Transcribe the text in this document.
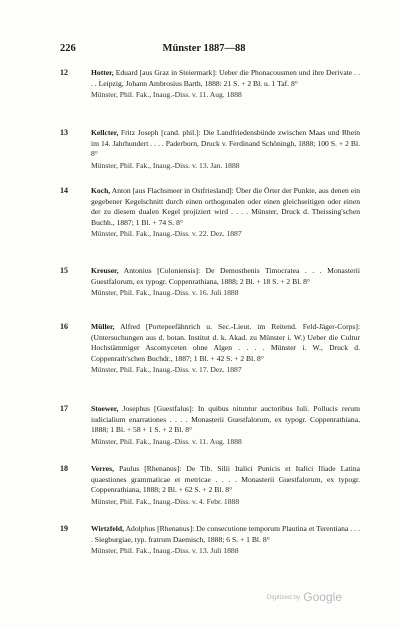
226	Münster 1887—88
12	Hotter, Eduard [aus Graz in Steiermark]: Ueber die Phonacousmen und ihre Derivate . . . . Leipzig, Johann Ambrosius Barth, 1888: 21 S. + 2 Bl. u. 1 Taf. 8°
Münster, Phil. Fak., Inaug.-Diss. v. 11. Aug. 1888
13	Kellcter, Fritz Joseph [cand. phil.]: Die Landfriedensbünde zwischen Maas und Rhein im 14. Jahrhundert . . . . Paderborn, Druck v. Ferdinand Schöningh, 1888; 100 S. + 2 Bl. 8°
Münster, Phil. Fak., Inaug.-Diss. v. 13. Jan. 1888
14	Koch, Anton [aus Flachsmeer in Ostfriesland]: Über die Örter der Punkte, aus denen ein gegebener Kegelschnitt durch einen orthogonalen oder einen gleichseitigen oder einen der zu diesem dualen Kegel projiziert wird . . . . Münster, Druck d. Theissing'schen Buchh., 1887; 1 Bl. + 74 S. 8°
Münster, Phil. Fak., Inaug.-Diss. v. 22. Dez. 1887
15	Kreuser, Antonius [Coloniensis]: De Demosthenis Timocratea . . . Monasterii Guestfalorum, ex typogr. Coppenrathiana, 1888; 2 Bl. + 18 S. + 2 Bl. 8°
Münster, Phil. Fak., Inaug.-Diss. v. 16. Juli 1888
16	Müller, Alfred [Portepeefähnrich u. Sec.-Lieut. im Reitend. Feld-Jäger-Corps]: (Untersuchungen aus d. botan. Institut d. k. Akad. zu Münster i. W.) Ueber die Cultur Hochstämmiger Ascomyceten ohne Algen . . . . Münster i. W., Druck d. Coppenrath'schen Buchdr., 1887; 1 Bl. + 42 S. + 2 Bl. 8°
Münster, Phil. Fak., Inaug.-Diss. v. 17. Dez. 1887
17	Stoewer, Josephus [Guestfalus]: In quibus nituntur auctoribus Iuli. Pollucis rerum iudicialium enarrationes . . . . Monasterii Guestfalorum, ex typogr. Coppenrathiana, 1888; 1 Bl. + 58 + 1 S. + 2 Bl. 8°
Münster, Phil. Fak., Inaug.-Diss. v. 11. Aug. 1888
18	Verres, Paulus [Rhenanus]: De Tib. Silii Italici Punicis et Italici Iliade Latina quaestiones grammaticae et metricae . . . . Monasterii Guestfalorum, ex typogr. Coppenrathiana, 1888; 2 Bl. + 62 S. + 2 Bl. 8°
Münster, Phil. Fak., Inaug.-Diss. v. 4. Febr. 1888
19	Wirtzfeld, Adolphus [Rhenanus]: De consecutione temporum Plautina et Terentiana . . . . Siegburgiae, typ. fratrum Daemisch, 1888; 6 S. + 1 Bl. 8°
Münster, Phil. Fak., Inaug.-Diss. v. 13. Juli 1888
Digitized by Google
